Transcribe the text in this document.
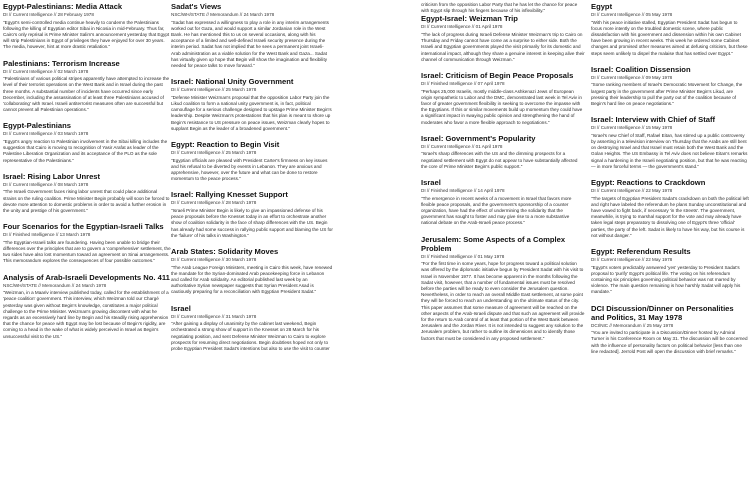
Egypt-Palestinians: Media Attack
DI // Current Intelligence // 28 February 1978

"Egypt's semi-controlled media continue heavily to condemn the Palestinians following the killing of Egyptian editor Sibai in Nicosia in mid-February. Thus far, Cairo's only reprisal is Prime Minister Salim's announcement yesterday that Egypt will strip Palestinians in Egypt of privileges they have enjoyed for over 30 years. The media, however, hint at more drastic retaliation."

Palestinians: Terrorism Increase
DI // Current Intelligence // 02 March 1978

"Palestinians of various political stripes apparently have attempted to increase the level of their terrorist operations on the West Bank and in Israel during the past three months. A substantial number of incidents have occurred since early December, including the assassination of at least three Palestinians accused of 'collaborating' with Israel. Israeli antiterrorist measures often are successful but cannot prevent all Palestinian operations."

Egypt-Palestinians
DI // Current Intelligence // 03 March 1978

"Egypt's angry reaction to Palestinian involvement in the Sibai killing includes the suggestion that Cairo is moving to recognition of Yasir Arafat as leader of the Palestine Liberation Organization and its acceptance of the PLO as the sole representative of the Palestinians."

Israel: Rising Labor Unrest
DI // Current Intelligence // 08 March 1978

"The Israeli Government faces rising labor unrest that could place additional strains on the ruling coalition. Prime Minister Begin probably will soon be forced to devote more attention to domestic problems in order to avoid a further erosion in the unity and prestige of his government."

Four Scenarios for the Egyptian-Israeli Talks
DI // Finished Intelligence // 13 March 1978

"The Egyptian-Israeli talks are foundering. Having been unable to bridge their differences over the principles that are to govern a 'comprehensive' settlement, the two sides have also lost momentum toward an agreement on Sinai arrangements. This memorandum explores the consequences of four possible outcomes."

Analysis of Arab-Israeli Developments No. 411
NSC/WH/STATE // Memorandum // 24 March 1978

"Weizman, in a Maariv interview published today, called for the establishment of a 'peace coalition' government. This interview, which Weizman told our Chargé yesterday was given without Begin's knowledge, constitutes a major political challenge to the Prime Minister. Weizman's growing discontent with what he regards as an excessively hard line by Begin and his steadily rising apprehension that the chance for peace with Egypt may be lost because of Begin's rigidity, are coming to a head in the wake of what is widely perceived in Israel as Begin's unsuccessful visit to the US."

Sadat's Views
NSC/WH/STATE // Memorandum // 24 March 1978

"Sadat has expressed a willingness to play a role in any interim arrangements worked out for Gaza, and would support a similar Jordanian role in the West Bank. He has mentioned this to us on several occasions, along with his acceptance of a limited and well-defined Israeli security presence during the interim period. Sadat has not implied that he sees a permanent joint Israeli-Arab administration as a viable solution for the West Bank and Gaza... Sadat has virtually given up hope that Begin will show the imagination and flexibility needed for peace talks to move forward."

Israel: National Unity Government
DI // Current Intelligence // 25 March 1978

"Defense Minister Weizman's proposal that the opposition Labor Party join the Likud coalition to form a national unity government is, in fact, political camouflage for a serious challenge designed to upstage Prime Minister Begin's leadership. Despite Weizman's protestations that his plan is meant to shore up Begin's resistance to US pressure on peace issues, Weizman clearly hopes to supplant Begin as the leader of a broadened government."

Egypt: Reaction to Begin Visit
DI // Current Intelligence // 25 March 1978

"Egyptian officials are pleased with President Carter's firmness on key issues and his refusal to be diverted by events in Lebanon. They are anxious and apprehensive, however, over the future and what can be done to restore momentum to the peace process."

Israel: Rallying Knesset Support
DI // Current Intelligence // 28 March 1978

"Israeli Prime Minister Begin is likely to give an impassioned defense of his peace proposals before the Knesset today in an effort to orchestrate another show of coalition solidarity in the face of sharp differences with the US. Begin has already had some success in rallying public support and blaming the US for the 'failure' of his talks in Washington."

Arab States: Solidarity Moves
DI // Current Intelligence // 30 March 1978

"The Arab League Foreign Ministers, meeting in Cairo this week, have renewed the mandate for the Syrian-dominated Arab peacekeeping force in Lebanon and called for Arab solidarity. An editorial published last week by an authoritative Syrian newspaper suggests that Syrian President Asad is cautiously preparing for a reconciliation with Egyptian President Sadat."

Israel
DI // Current Intelligence // 31 March 1978

"After gaining a display of unanimity by the cabinet last weekend, Begin orchestrated a strong show of support in the Knesset on 28 March for his negotiating position, and sent Defense Minister Weizman to Cairo to explore prospects for resuming direct negotiations. Begin doubtless hoped not only to probe Egyptian President Sadat's intentions but also to use the visit to counter

criticism from the opposition Labor Party that he has let the chance for peace with Egypt slip through his fingers because of his inflexibility."

Egypt-Israel: Weizman Trip
DI // Current Intelligence // 01 April 1978

"The lack of progress during Israeli Defense Minister Weizman's trip to Cairo on Thursday and Friday cannot have come as a surprise to either side. Both the Israeli and Egyptian governments played the visit primarily for its domestic and international impact, although they share a genuine interest in keeping alive their channel of communication through Weizman."

Israel: Criticism of Begin Peace Proposals
DI // Finished Intelligence // 07 April 1978

"Perhaps 25,000 Israelis, mostly middle-class Ashkenazi Jews of European origin sympathetic to Labor and the DMC, demonstrated last week in Tel Aviv in favor of greater government flexibility in seeking to overcome the impasse with the Egyptians. If this or similar movements build up momentum they could have a significant impact in swaying public opinion and strengthening the hand of moderates who favor a more flexible approach to negotiations."

Israel: Government's Popularity
DI // Current Intelligence // 01 April 1978

"Israel's sharp differences with the US and the dimming prospects for a negotiated settlement with Egypt do not appear to have substantially affected the core of Prime Minister Begin's public support."

Israel
DI // Finished Intelligence // 14 April 1978

"The emergence in recent weeks of a movement in Israel that favors more flexible peace proposals, and the government's sponsorship of a counter organization, have had the effect of undermining the solidarity that the government has sought to foster and may give rise to a more substantive national debate on the Arab-Israeli peace process."

Jerusalem: Some Aspects of a Complex Problem
DI // Finished Intelligence // 01 May 1978

"For the first time in some years, hope for progress toward a political solution was offered by the diplomatic initiative begun by President Sadat with his visit to Israel in November 1977. It has become apparent in the months following the Sadat visit, however, that a number of fundamental issues must be resolved before the parties will be ready to even consider the Jerusalem question. Nevertheless, in order to reach an overall Middle East settlement, at some point they will be forced to reach an understanding on the ultimate status of the city. This paper assumes that some measure of agreement will be reached on the other aspects of the Arab-Israeli dispute and that such an agreement will provide for the return to Arab control of at least that portion of the West Bank between Jerusalem and the Jordan River. It is not intended to suggest any solution to the Jerusalem problem, but rather to outline its dimensions and to identify those factors that must be considered in any proposed settlement."

Egypt
DI // Current Intelligence // 05 May 1978

"With his peace initiative stalled, Egyptian President Sadat has begun to focus more intently on the troubled domestic scene, where public dissatisfaction with his government and dissension within his own Cabinet have been growing in recent weeks. This week he ordered some Cabinet changes and promised other measures aimed at defusing criticism, but these steps seem unlikely to dispel the malaise that has settled over Egypt."

Israel: Coalition Dissension
DI // Current Intelligence // 09 May 1978

"Some ranking members of Israel's Democratic Movement for Change, the largest party in the government after Prime Minister Begin's Likud, are pressing their leadership to pull the party out of the coalition because of Begin's hard line on peace negotiations."

Israel: Interview with Chief of Staff
DI // Current Intelligence // 15 May 1978

"Israel's new Chief of Staff, Rafael Eitan, has stirred up a public controversy by asserting in a television interview on Thursday that the Arabs are still bent on destroying Israel and that Israel must retain both the West Bank and the Golan Heights. The US Embassy in Tel Aviv does not believe Eitan's remarks signal a hardening in the Israeli negotiating position, but that he was reacting — in more forceful terms — the government's stand."

Egypt: Reactions to Crackdown
DI // Current Intelligence // 22 May 1978

"The targets of Egyptian President Sadat's crackdown on both the political left and right have labeled the referendum he plans Sunday unconstitutional and have vowed to fight back, if necessary 'in the streets'. The government, meanwhile, is trying to marshal support for the vote and may already have taken legal steps preparatory to dissolving one of Egypt's three 'official' parties, the party of the left. Sadat is likely to have his way, but his course is not without danger."

Egypt: Referendum Results
DI // Current Intelligence // 22 May 1978

"Egypt's voters predictably answered 'yes' yesterday to President Sadat's proposal to 'purify' Egypt's political life. The voting on his referendum containing six principles governing political behavior was not marred by violence. The main question remaining is how harshly Sadat will apply his mandate."

DCI Discussion/Dinner on Personalities and Politics, 31 May 1978
DCI/NIC // Memorandum // 25 May 1978

"You are invited to participate in a Discussion/Dinner hosted by Admiral Turner in his Conference Room on May 31. The discussion will be concerned with the influence of personality factors on political behavior [less than one line redacted]. Jerrold Post will open the discussion with brief remarks."
